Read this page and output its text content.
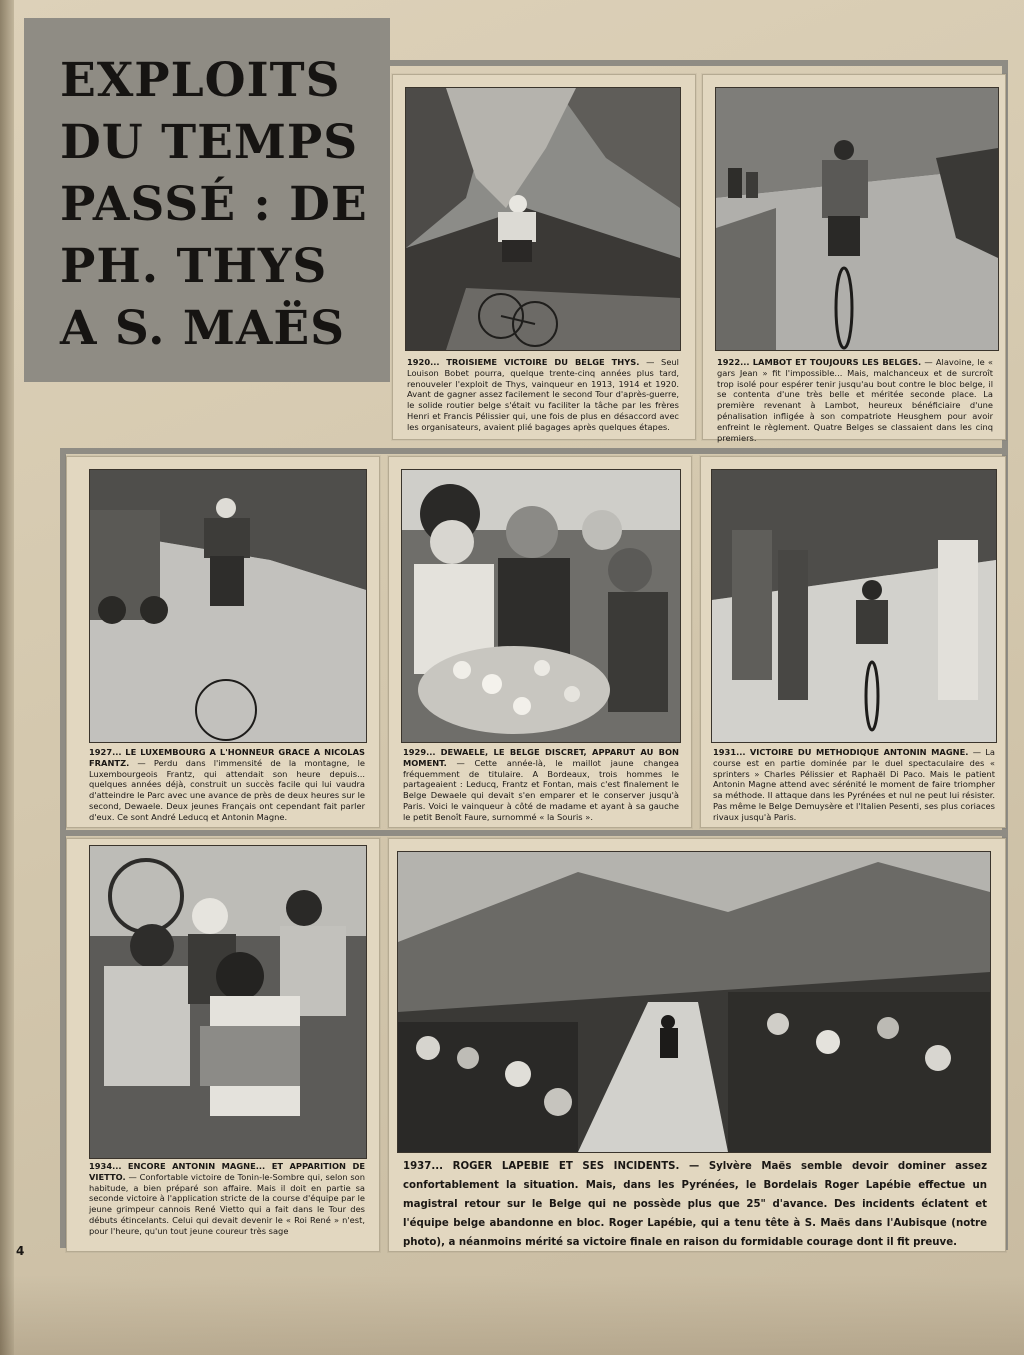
EXPLOITS
DU TEMPS
PASSÉ : DE
PH. THYS
A S. MAËS
1920... TROISIEME VICTOIRE DU BELGE THYS. — Seul Louison Bobet pourra, quelque trente-cinq années plus tard, renouveler l'exploit de Thys, vainqueur en 1913, 1914 et 1920. Avant de gagner assez facilement le second Tour d'après-guerre, le solide routier belge s'était vu faciliter la tâche par les frères Henri et Francis Pélissier qui, une fois de plus en désaccord avec les organisateurs, avaient plié bagages après quelques étapes.
1922... LAMBOT ET TOUJOURS LES BELGES. — Alavoine, le « gars Jean » fit l'impossible... Mais, malchanceux et de surcroît trop isolé pour espérer tenir jusqu'au bout contre le bloc belge, il se contenta d'une très belle et méritée seconde place. La première revenant à Lambot, heureux bénéficiaire d'une pénalisation infligée à son compatriote Heusghem pour avoir enfreint le règlement. Quatre Belges se classaient dans les cinq premiers.
1927... LE LUXEMBOURG A L'HONNEUR GRACE A NICOLAS FRANTZ. — Perdu dans l'immensité de la montagne, le Luxembourgeois Frantz, qui attendait son heure depuis... quelques années déjà, construit un succès facile qui lui vaudra d'atteindre le Parc avec une avance de près de deux heures sur le second, Dewaele. Deux jeunes Français ont cependant fait parler d'eux. Ce sont André Leducq et Antonin Magne.
1929... DEWAELE, LE BELGE DISCRET, APPARUT AU BON MOMENT. — Cette année-là, le maillot jaune changea fréquemment de titulaire. A Bordeaux, trois hommes le partageaient : Leducq, Frantz et Fontan, mais c'est finalement le Belge Dewaele qui devait s'en emparer et le conserver jusqu'à Paris. Voici le vainqueur à côté de madame et ayant à sa gauche le petit Benoît Faure, surnommé « la Souris ».
1931... VICTOIRE DU METHODIQUE ANTONIN MAGNE. — La course est en partie dominée par le duel spectaculaire des « sprinters » Charles Pélissier et Raphaël Di Paco. Mais le patient Antonin Magne attend avec sérénité le moment de faire triompher sa méthode. Il attaque dans les Pyrénées et nul ne peut lui résister. Pas même le Belge Demuysère et l'Italien Pesenti, ses plus coriaces rivaux jusqu'à Paris.
1934... ENCORE ANTONIN MAGNE... ET APPARITION DE VIETTO. — Confortable victoire de Tonin-le-Sombre qui, selon son habitude, a bien préparé son affaire. Mais il doit en partie sa seconde victoire à l'application stricte de la course d'équipe par le jeune grimpeur cannois René Vietto qui a fait dans le Tour des débuts étincelants. Celui qui devait devenir le « Roi René » n'est, pour l'heure, qu'un tout jeune coureur très sage
1937... ROGER LAPEBIE ET SES INCIDENTS. — Sylvère Maës semble devoir dominer assez confortablement la situation. Mais, dans les Pyrénées, le Bordelais Roger Lapébie effectue un magistral retour sur le Belge qui ne possède plus que 25" d'avance. Des incidents éclatent et l'équipe belge abandonne en bloc. Roger Lapébie, qui a tenu tête à S. Maës dans l'Aubisque (notre photo), a néanmoins mérité sa victoire finale en raison du formidable courage dont il fit preuve.
4
